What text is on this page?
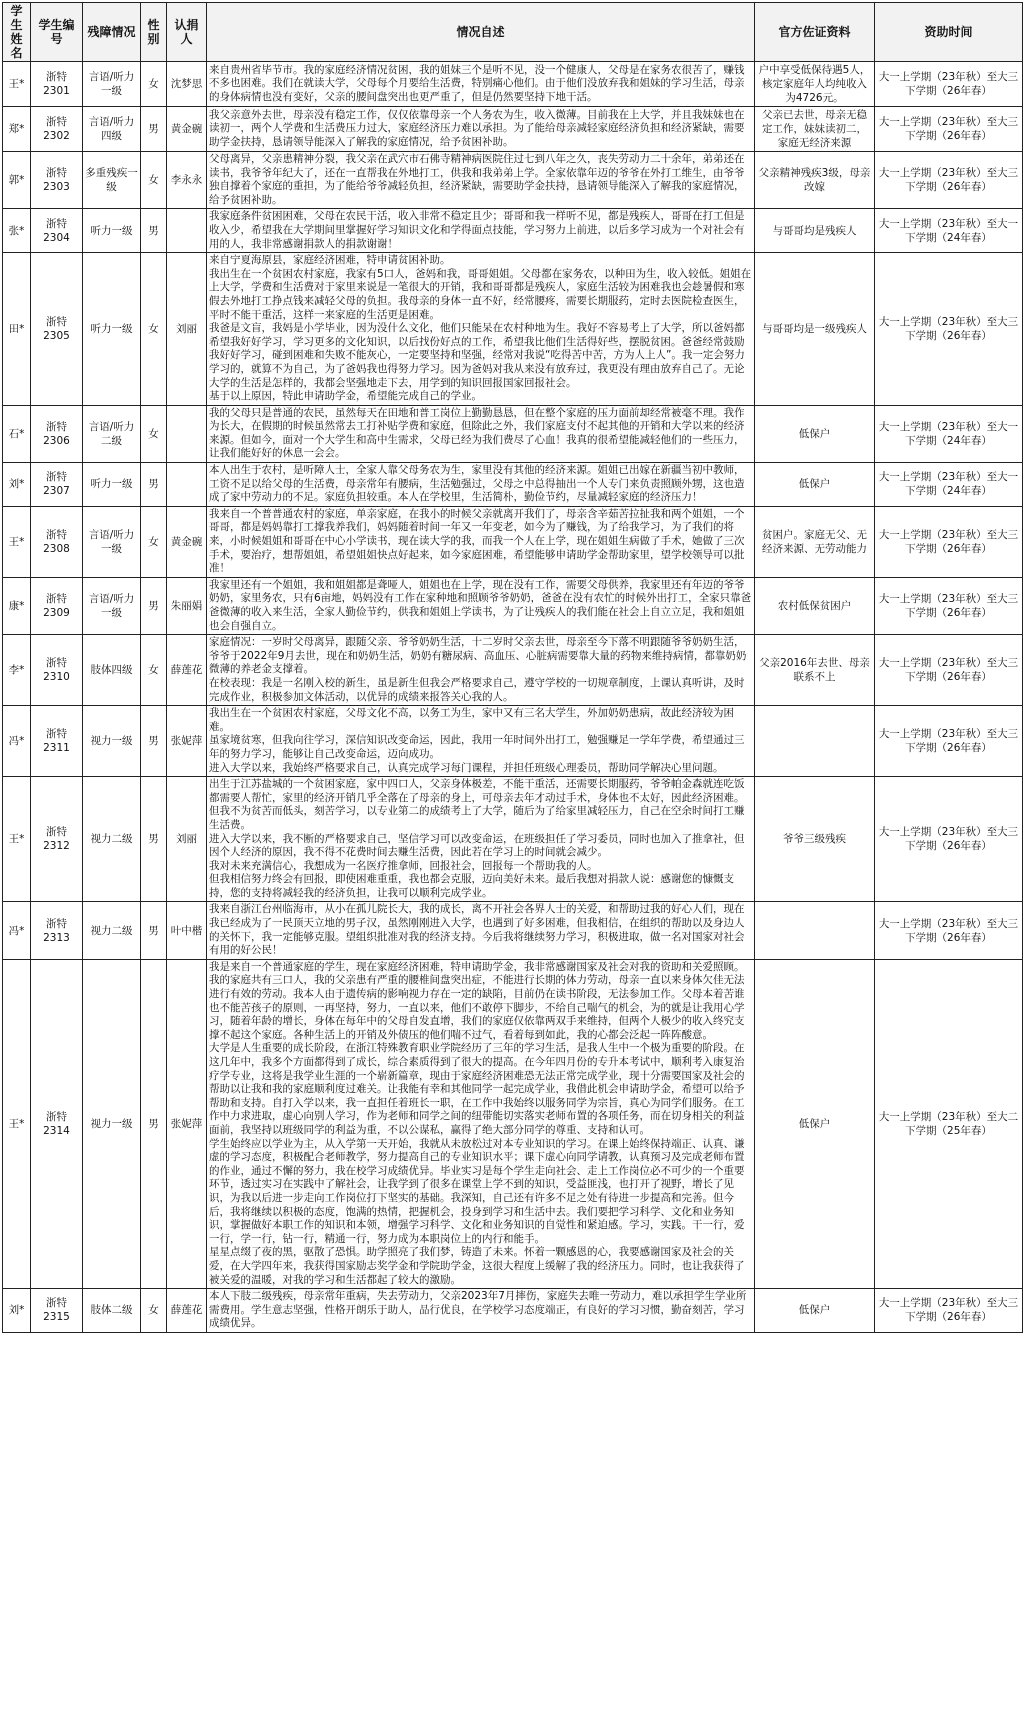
学生姓名	学生编号	残障情况	性别	认捐人	情况自述	官方佐证资料	资助时间
王*	浙特2301	言语/听力一级	女	沈梦思	来自贵州省毕节市。我的家庭经济情况贫困，我的姐妹三个是听不见，没一个健康人，父母是在家务农很苦了，赚钱不多也困难。我们在就读大学，父母每个月要给生活费，特别痛心他们。由于他们没放弃我和姐妹的学习生活，母亲的身体病情也没有变好，父亲的腰间盘突出也更严重了，但是仍然要坚持下地干活。	户中享受低保待遇5人，核定家庭年人均纯收入为4726元。	大一上学期（23年秋）至大三下学期（26年春）
郑*	浙特2302	言语/听力四级	男	黄金碗	我父亲意外去世，母亲没有稳定工作，仅仅依靠母亲一个人务农为生，收入微薄。目前我在上大学，并且我妹妹也在读初一，两个人学费和生活费压力过大，家庭经济压力难以承担。为了能给母亲减轻家庭经济负担和经济紧缺，需要助学金扶持，恳请领导能深入了解我的家庭情况，给予贫困补助。	父亲已去世，母亲无稳定工作，妹妹读初二，家庭无经济来源	大一上学期（23年秋）至大三下学期（26年春）
郭*	浙特2303	多重残疾一级	女	李永永	父母离异，父亲患精神分裂，我父亲在武穴市石佛寺精神病医院住过七到八年之久，丧失劳动力二十余年，弟弟还在读书，我爷爷年纪大了，还在一直帮我在外地打工，供我和我弟弟上学。全家依靠年迈的爷爷在外打工维生，由爷爷独自撑着个家庭的重担，为了能给爷爷减轻负担，经济紧缺，需要助学金扶持，恳请领导能深入了解我的家庭情况，给予贫困补助。	父亲精神残疾3级，母亲改嫁	大一上学期（23年秋）至大三下学期（26年春）
张*	浙特2304	听力一级	男		我家庭条件贫困困难，父母在农民干活，收入非常不稳定且少；哥哥和我一样听不见，都是残疾人，哥哥在打工但是收入少，希望我在大学期间里掌握好学习知识文化和学得面点技能，学习努力上前进，以后多学习成为一个对社会有用的人，我非常感谢捐款人的捐款谢谢！	与哥哥均是残疾人	大一上学期（23年秋）至大一下学期（24年春）
田*	浙特2305	听力一级	女	刘丽	来自宁夏海原县，家庭经济困难，特申请贫困补助。
我出生在一个贫困农村家庭，我家有5口人，爸妈和我，哥哥姐姐。父母都在家务农，以种田为生，收入较低。姐姐在上大学，学费和生活费对于家里来说是一笔很大的开销，我和哥哥都是残疾人，家庭生活较为困难我也会趁暑假和寒假去外地打工挣点钱来减轻父母的负担。我母亲的身体一直不好，经常腰疼，需要长期服药，定时去医院检查医生，平时不能干重活，这样一来家庭的生活更是困难。
我爸是文盲，我妈是小学毕业，因为没什么文化，他们只能呆在农村种地为生。我好不容易考上了大学，所以爸妈都希望我好好学习，学习更多的文化知识，以后找份好点的工作，希望我比他们生活得好些，摆脱贫困。爸爸经常鼓励我好好学习，碰到困难和失败不能灰心，一定要坚持和坚强，经常对我说“吃得苦中苦，方为人上人”。我一定会努力学习的，就算不为自己，为了爸妈我也得努力学习。因为爸妈对我从来没有放弃过，我更没有理由放弃自己了。无论大学的生活是怎样的，我都会坚强地走下去，用学到的知识回报国家回报社会。
基于以上原因，特此申请助学金，希望能完成自己的学业。	与哥哥均是一级残疾人	大一上学期（23年秋）至大三下学期（26年春）
石*	浙特2306	言语/听力二级	女		我的父母只是普通的农民，虽然每天在田地和普工岗位上勤勤恳恳，但在整个家庭的压力面前却经常被毫不理。我作为长大，在假期的时候虽然常去工打补贴学费和家庭，但除此之外，我们家庭支付不起其他的开销和大学以来的经济来源。但如今，面对一个大学生和高中生需求，父母已经为我们费尽了心血！我真的很希望能减轻他们的一些压力，让我们能好好的休息一会会。	低保户	大一上学期（23年秋）至大一下学期（24年春）
刘*	浙特2307	听力一级	男		本人出生于农村，是听障人士，全家人靠父母务农为生，家里没有其他的经济来源。姐姐已出嫁在新疆当初中教师，工资不足以给父母的生活费，母亲常年有腰病，生活勉强过，父母之中总得抽出一个人专门来负责照顾外甥，这也造成了家中劳动力的不足。家庭负担较重。本人在学校里，生活简朴，勤俭节约，尽量减轻家庭的经济压力！	低保户	大一上学期（23年秋）至大一下学期（24年春）
王*	浙特2308	言语/听力一级	女	黄金碗	我来自一个普普通农村的家庭，单亲家庭，在我小的时候父亲就离开我们了，母亲含辛茹苦拉扯我和两个姐姐，一个哥哥，都是妈妈靠打工撑我养我们，妈妈随着时间一年又一年变老，如今为了赚钱，为了给我学习，为了我们的将来，小时候姐姐和哥哥在中心小学读书，现在读大学的我，而我一个人在上学，现在姐姐生病做了手术，她做了三次手术，要治疗，想帮姐姐，希望姐姐快点好起来，如今家庭困难，希望能够申请助学金帮助家里，望学校领导可以批准！	贫困户。家庭无父、无经济来源、无劳动能力	大一上学期（23年秋）至大三下学期（26年春）
康*	浙特2309	言语/听力一级	男	朱丽娟	我家里还有一个姐姐，我和姐姐都是聋哑人，姐姐也在上学，现在没有工作，需要父母供养，我家里还有年迈的爷爷奶奶，家里务农，只有6亩地，妈妈没有工作在家种地和照顾爷爷奶奶，爸爸在没有农忙的时候外出打工，全家只靠爸爸微薄的收入来生活，全家人勤俭节约，供我和姐姐上学读书，为了让残疾人的我们能在社会上自立立足，我和姐姐也会自强自立。	农村低保贫困户	大一上学期（23年秋）至大三下学期（26年春）
李*	浙特2310	肢体四级	女	薛莲花	家庭情况：一岁时父母离异，跟随父亲、爷爷奶奶生活，十二岁时父亲去世，母亲至今下落不明跟随爷爷奶奶生活，爷爷于2022年9月去世，现在和奶奶生活，奶奶有糖尿病、高血压、心脏病需要靠大量的药物来维持病情，都靠奶奶微薄的养老金支撑着。
在校表现：我是一名刚入校的新生，虽是新生但我会严格要求自己，遵守学校的一切规章制度，上课认真听讲，及时完成作业，积极参加文体活动，以优异的成绩来报答关心我的人。	父亲2016年去世、母亲联系不上	大一上学期（23年秋）至大三下学期（26年春）
冯*	浙特2311	视力一级	男	张妮萍	我出生在一个贫困农村家庭，父母文化不高，以务工为生，家中又有三名大学生，外加奶奶患病，故此经济较为困难。
虽家境贫寒，但我向往学习，深信知识改变命运，因此，我用一年时间外出打工，勉强赚足一学年学费，希望通过三年的努力学习，能够让自己改变命运，迈向成功。
进入大学以来，我始终严格要求自己，认真完成学习每门课程，并担任班级心理委员，帮助同学解决心里问题。		大一上学期（23年秋）至大三下学期（26年春）
王*	浙特2312	视力二级	男	刘丽	出生于江苏盐城的一个贫困家庭，家中四口人，父亲身体极差，不能干重活，还需要长期服药，爷爷帕金森就连吃饭都需要人帮忙，家里的经济开销几乎全落在了母亲的身上，可母亲去年才动过手术，身体也不太好，因此经济困难。
但我不为贫苦而低头，刻苦学习，以专业第二的成绩考上了大学，随后为了给家里减轻压力，自己在空余时间打工赚生活费。
进入大学以来，我不断的严格要求自己，坚信学习可以改变命运，在班级担任了学习委员，同时也加入了推拿社，但因个人经济的原因，我不得不花费时间去赚生活费，因此若在学习上的时间就会减少。
我对未来充满信心，我想成为一名医疗推拿师，回报社会，回报每一个帮助我的人。
但我相信努力终会有回报，即使困难重重，我也都会克服，迈向美好未来。最后我想对捐款人说：感谢您的慷慨支持，您的支持将减轻我的经济负担，让我可以顺利完成学业。	爷爷三级残疾	大一上学期（23年秋）至大三下学期（26年春）
冯*	浙特2313	视力二级	男	叶中楷	我来自浙江台州临海市，从小在孤儿院长大，我的成长，离不开社会各界人士的关爱，和帮助过我的好心人们，现在我已经成为了一民顶天立地的男子汉，虽然刚刚进入大学，也遇到了好多困难，但我相信，在组织的帮助以及身边人的关怀下，我一定能够克服。望组织批准对我的经济支持。今后我将继续努力学习，积极进取，做一名对国家对社会有用的好公民！		大一上学期（23年秋）至大三下学期（26年春）
王*	浙特2314	视力一级	男	张妮萍	我是来自一个普通家庭的学生，现在家庭经济困难，特申请助学金，我非常感谢国家及社会对我的资助和关爱照顾。我的家庭共有三口人，我的父亲患有严重的腰椎间盘突出症，不能进行长期的体力劳动，母亲一直以来身体欠佳无法进行有效的劳动。我本人由于遗传病的影响视力存在一定的缺陷，目前仍在读书阶段，无法参加工作。父母本着苦谁也不能苦孩子的原则，一再坚持，努力，一直以来，他们不敢停下脚步，不给自己喘气的机会，为的就是让我用心学习，随着年龄的增长，身体在每年中的父母自发直增，我们的家庭仅依靠两双手来维持，但两个人极少的收入终究支撑不起这个家庭。各种生活上的开销及外债压的他们喘不过气，看着每到如此，我的心都会泛起一阵阵酸意。
大学是人生重要的成长阶段，在浙江特殊教育职业学院经历了三年的学习生活，是我人生中一个极为重要的阶段。在这几年中，我多个方面都得到了成长，综合素质得到了很大的提高。在今年四月份的专升本考试中，顺利考入康复治疗学专业，这将是我学业生涯的一个崭新篇章，现由于家庭经济困难恐无法正常完成学业，现十分需要国家及社会的帮助以让我和我的家庭顺利度过难关。让我能有幸和其他同学一起完成学业，我借此机会申请助学金，希望可以给予帮助和支持。自打入学以来，我一直担任着班长一职，在工作中我始终以服务同学为宗旨，真心为同学们服务。在工作中力求进取，虚心向别人学习，作为老师和同学之间的纽带能切实落实老师布置的各项任务，而在切身相关的利益面前，我坚持以班级同学的利益为重，不以公谋私，赢得了绝大部分同学的尊重、支持和认可。
学生始终应以学业为主，从入学第一天开始，我就从未放松过对本专业知识的学习。在课上始终保持端正、认真、谦虚的学习态度，积极配合老师教学，努力提高自己的专业知识水平；课下虚心向同学请教，认真预习及完成老师布置的作业，通过不懈的努力，我在校学习成绩优异。毕业实习是每个学生走向社会、走上工作岗位必不可少的一个重要环节，透过实习在实践中了解社会，让我学到了很多在课堂上学不到的知识，受益匪浅，也打开了视野，增长了见识，为我以后进一步走向工作岗位打下坚实的基础。我深知，自己还有许多不足之处有待进一步提高和完善。但今后，我将继续以积极的态度，饱满的热情，把握机会，投身到学习和生活中去。我们要把学习科学、文化和业务知识，掌握做好本职工作的知识和本领，增强学习科学、文化和业务知识的自觉性和紧迫感。学习，实践。干一行，爱一行，学一行，钻一行，精通一行，努力成为本职岗位上的内行和能手。
星星点缀了夜的黑，驱散了恐惧。助学照亮了我们梦，铸造了未来。怀着一颗感恩的心，我要感谢国家及社会的关爱，在大学四年来，我获得国家励志奖学金和学院助学金，这很大程度上缓解了我的经济压力。同时，也让我获得了被关爱的温暖，对我的学习和生活都起了较大的激励。	低保户	大一上学期（23年秋）至大二下学期（25年春）
刘*	浙特2315	肢体二级	女	薛莲花	本人下肢二级残疾，母亲常年重病，失去劳动力，父亲2023年7月摔伤，家庭失去唯一劳动力，难以承担学生学业所需费用。学生意志坚强，性格开朗乐于助人，品行优良，在学校学习态度端正，有良好的学习习惯，勤奋刻苦，学习成绩优异。	低保户	大一上学期（23年秋）至大三下学期（26年春）
